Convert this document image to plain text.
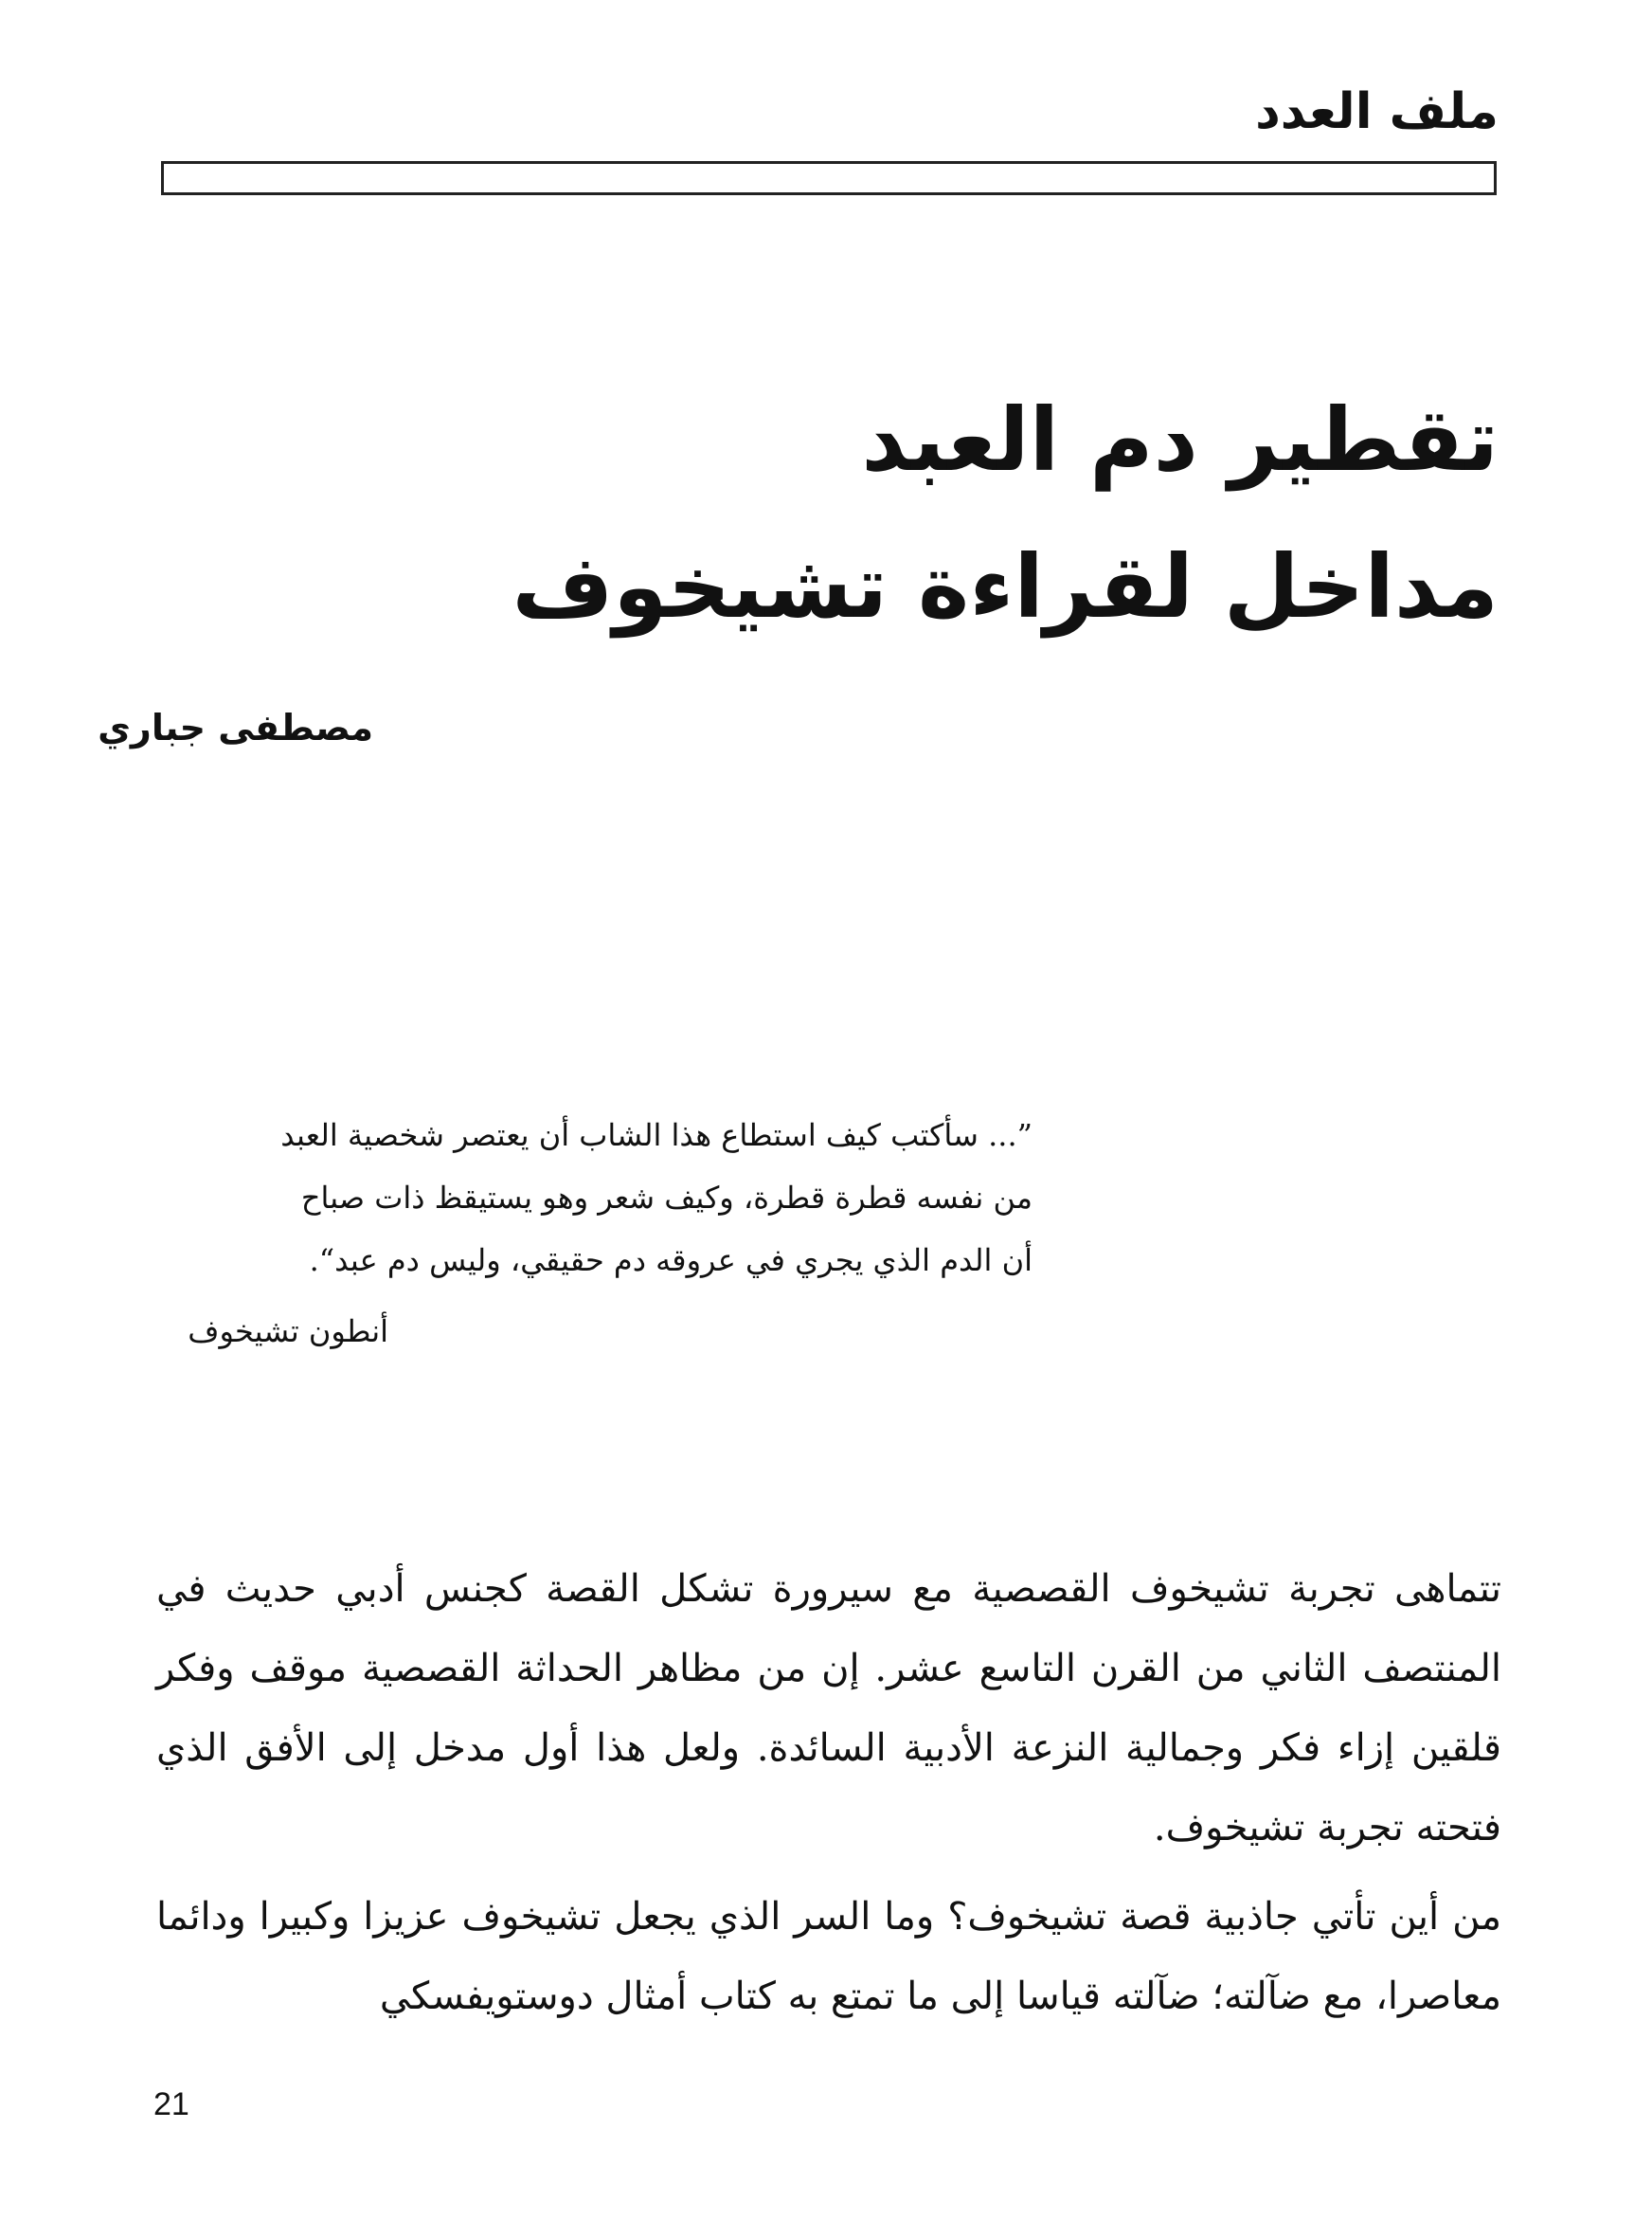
ملف العدد
تقطير دم العبد
مداخل لقراءة تشيخوف
مصطفى جباري

”... سأكتب كيف استطاع هذا الشاب أن يعتصر شخصية العبد

من نفسه قطرة قطرة، وكيف شعر وهو يستيقظ ذات صباح

أن الدم الذي يجري في عروقه دم حقيقي، وليس دم عبد“.

أنطون تشيخوف

تتماهى تجربة تشيخوف القصصية مع سيرورة تشكل القصة كجنس أدبي حديث في المنتصف الثاني من القرن التاسع عشر. إن من مظاهر الحداثة القصصية موقف وفكر قلقين إزاء فكر وجمالية النزعة الأدبية السائدة. ولعل هذا أول مدخل إلى الأفق الذي فتحته تجربة تشيخوف.

من أين تأتي جاذبية قصة تشيخوف؟ وما السر الذي يجعل تشيخوف عزيزا وكبيرا ودائما معاصرا، مع ضآلته؛ ضآلته قياسا إلى ما تمتع به كتاب أمثال دوستويفسكي

21
